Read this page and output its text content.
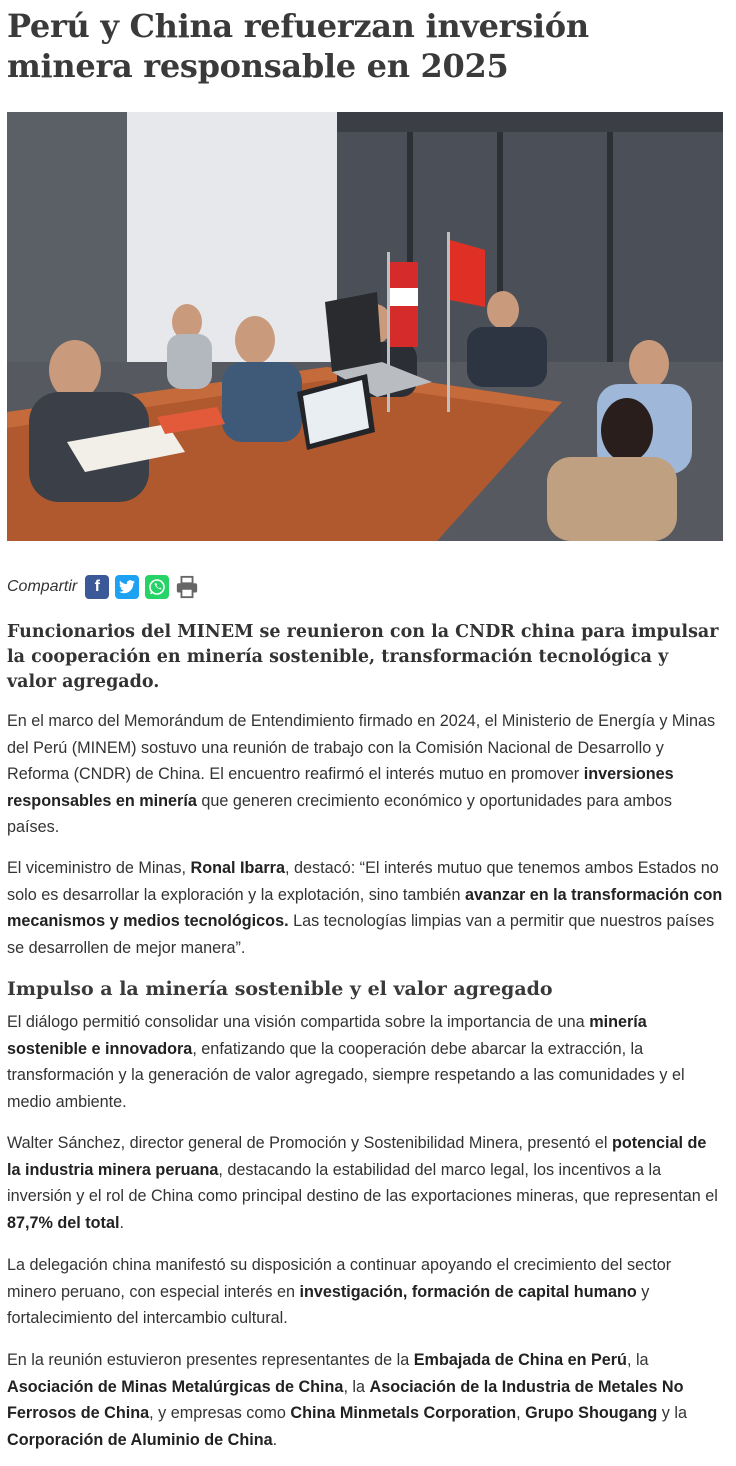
Perú y China refuerzan inversión minera responsable en 2025
Compartir	f

Funcionarios del MINEM se reunieron con la CNDR china para impulsar la cooperación en minería sostenible, transformación tecnológica y valor agregado.

En el marco del Memorándum de Entendimiento firmado en 2024, el Ministerio de Energía y Minas del Perú (MINEM) sostuvo una reunión de trabajo con la Comisión Nacional de Desarrollo y Reforma (CNDR) de China. El encuentro reafirmó el interés mutuo en promover inversiones responsables en minería que generen crecimiento económico y oportunidades para ambos países.

El viceministro de Minas, Ronal Ibarra, destacó: “El interés mutuo que tenemos ambos Estados no solo es desarrollar la exploración y la explotación, sino también avanzar en la transformación con mecanismos y medios tecnológicos. Las tecnologías limpias van a permitir que nuestros países se desarrollen de mejor manera”.

Impulso a la minería sostenible y el valor agregado

El diálogo permitió consolidar una visión compartida sobre la importancia de una minería sostenible e innovadora, enfatizando que la cooperación debe abarcar la extracción, la transformación y la generación de valor agregado, siempre respetando a las comunidades y el medio ambiente.

Walter Sánchez, director general de Promoción y Sostenibilidad Minera, presentó el potencial de la industria minera peruana, destacando la estabilidad del marco legal, los incentivos a la inversión y el rol de China como principal destino de las exportaciones mineras, que representan el 87,7% del total.

La delegación china manifestó su disposición a continuar apoyando el crecimiento del sector minero peruano, con especial interés en investigación, formación de capital humano y fortalecimiento del intercambio cultural.

En la reunión estuvieron presentes representantes de la Embajada de China en Perú, la Asociación de Minas Metalúrgicas de China, la Asociación de la Industria de Metales No Ferrosos de China, y empresas como China Minmetals Corporation, Grupo Shougang y la Corporación de Aluminio de China.
